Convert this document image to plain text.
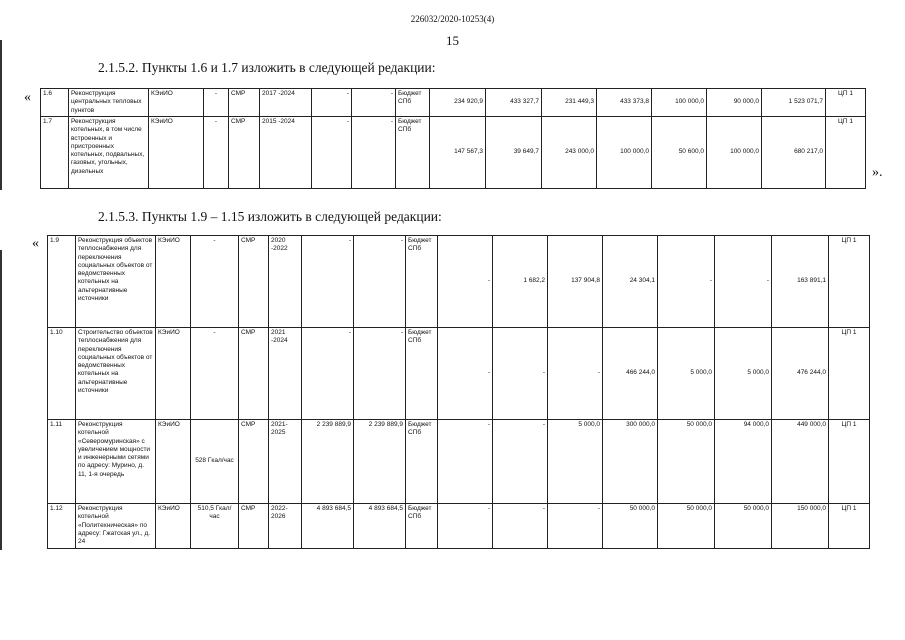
226032/2020-10253(4)
15
2.1.5.2. Пункты 1.6 и 1.7 изложить в следующей редакции:
«
».
1.6	Реконструкция центральных тепловых пунктов	КЭиИО	-	СМР	2017 -2024	-	-	Бюджет СПб	234 920,9	433 327,7	231 449,3	433 373,8	100 000,0	90 000,0	1 523 071,7	ЦП 1
1.7	Реконструкция котельных, в том числе встроенных и пристроенных котельных, подвальных, газовых, угольных, дизельных	КЭиИО	-	СМР	2015 -2024	-	-	Бюджет СПб	147 567,3	39 649,7	243 000,0	100 000,0	50 600,0	100 000,0	680 217,0	ЦП 1
2.1.5.3. Пункты 1.9 – 1.15 изложить в следующей редакции:
« 1.9	Реконструкция объектов теплоснабжения для переключения социальных объектов от ведомственных котельных на альтернативные источники	КЭиИО	-	СМР	2020 -2022	-	-	Бюджет СПб	-	1 682,2	137 904,8	24 304,1	-	-	163 891,1	ЦП 1
1.10	Строительство объектов теплоснабжения для переключения социальных объектов от ведомственных котельных на альтернативные источники	КЭиИО	-	СМР	2021 -2024	-	-	Бюджет СПб	-	-	-	466 244,0	5 000,0	5 000,0	476 244,0	ЦП 1
1.11	Реконструкция котельной «Северомуринская» с увеличением мощности и инженерными сетями по адресу: Мурино, д. 11, 1-я очередь	КЭиИО	528 Гкал/час	СМР	2021-2025	2 239 889,9	2 239 889,9	Бюджет СПб	-	-	5 000,0	300 000,0	50 000,0	94 000,0	449 000,0	ЦП 1
1.12	Реконструкция котельной «Политехническая» по адресу: Гжатская ул., д. 24	КЭиИО	510,5 Гкал/час	СМР	2022-2026	4 893 684,5	4 893 684,5	Бюджет СПб	-	-	-	50 000,0	50 000,0	50 000,0	150 000,0	ЦП 1
